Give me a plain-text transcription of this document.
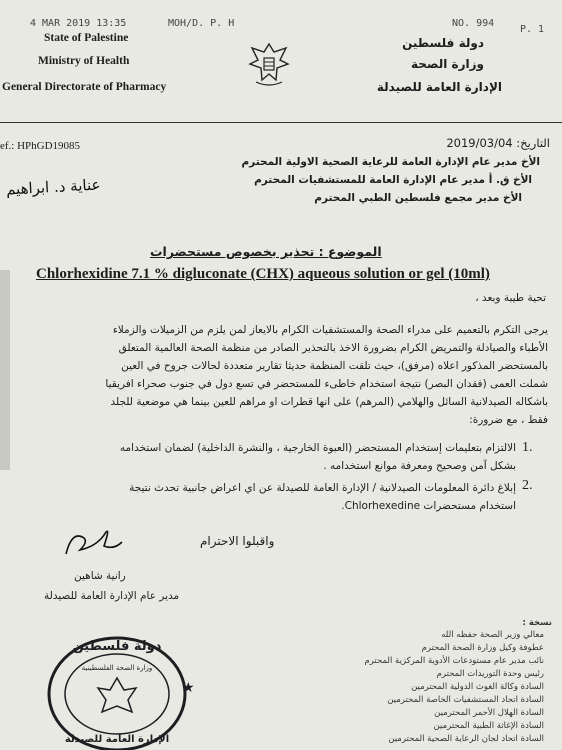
4 MAR 2019 13:35	MOH/D. P. H	NO. 994
P. 1
State of Palestine
Ministry of Health
General Directorate of Pharmacy
دولة فلسطين
وزارة الصحة
الإدارة العامة للصيدلة
ef.: HPhGD19085	التاريخ: 2019/03/04
الأخ مدير عام الإدارة العامة للرعاية الصحية الاولية المحترم
الأخ ق. أ مدير عام الإدارة العامة للمستشفيات المحترم
الأخ مدير مجمع فلسطين الطبي المحترم
عناية د. ابراهيم
الموضوع : تحذير بخصوص مستحضرات
Chlorhexidine 7.1 % digluconate (CHX) aqueous solution or gel (10ml)
تحية طيبة وبعد ،
يرجى التكرم بالتعميم على مدراء الصحة والمستشفيات الكرام بالايعاز لمن يلزم من الزميلات والزملاء
الأطباء والصيادلة والتمريض الكرام بضرورة الاخذ بالتحذير الصادر من منظمة الصحة العالمية المتعلق
بالمستحضر المذكور اعلاه (مرفق)، حيث تلقت المنظمة حديثا تقارير متعددة لحالات جروح في العين
شملت العمى (فقدان البصر) نتيجة استخدام خاطىء للمستحضر في تسع دول في جنوب صحراء افريقيا
باشكاله الصيدلانية السائل والهلامي (المرهم) على انها قطرات او مراهم للعين بينما هي موضعية للجلد
فقط ، مع ضرورة:
1.
الالتزام بتعليمات إستخدام المستحضر (العبوة الخارجية ، والنشرة الداخلية) لضمان استخدامه
بشكل آمن وصحيح ومعرفة موانع استخدامه .
2.
إبلاغ دائرة المعلومات الصيدلانية / الإدارة العامة للصيدلة عن اي اعراض جانبية تحدث نتيجة
استخدام مستحضرات Chlorhexedine.
واقبلوا الاحترام
رانية شاهين
مدير عام الإدارة العامة للصيدلة
دولة فلسطين
وزارة الصحة الفلسطينية
الإدارة العامة للصيدلة
★
نسخة :
معالي وزير الصحة حفظه الله
عطوفة وكيل وزارة الصحة المحترم
نائب مدير عام مستودعات الأدوية المركزية المحترم
رئيس وحدة التوريدات المحترم
السادة وكالة الغوث الدولية المحترمين
السادة اتحاد المستشفيات الخاصة المحترمين
السادة الهلال الأحمر المحترمين
السادة الإغاثة الطبية المحترمين
السادة اتحاد لجان الرعاية الصحية المحترمين
